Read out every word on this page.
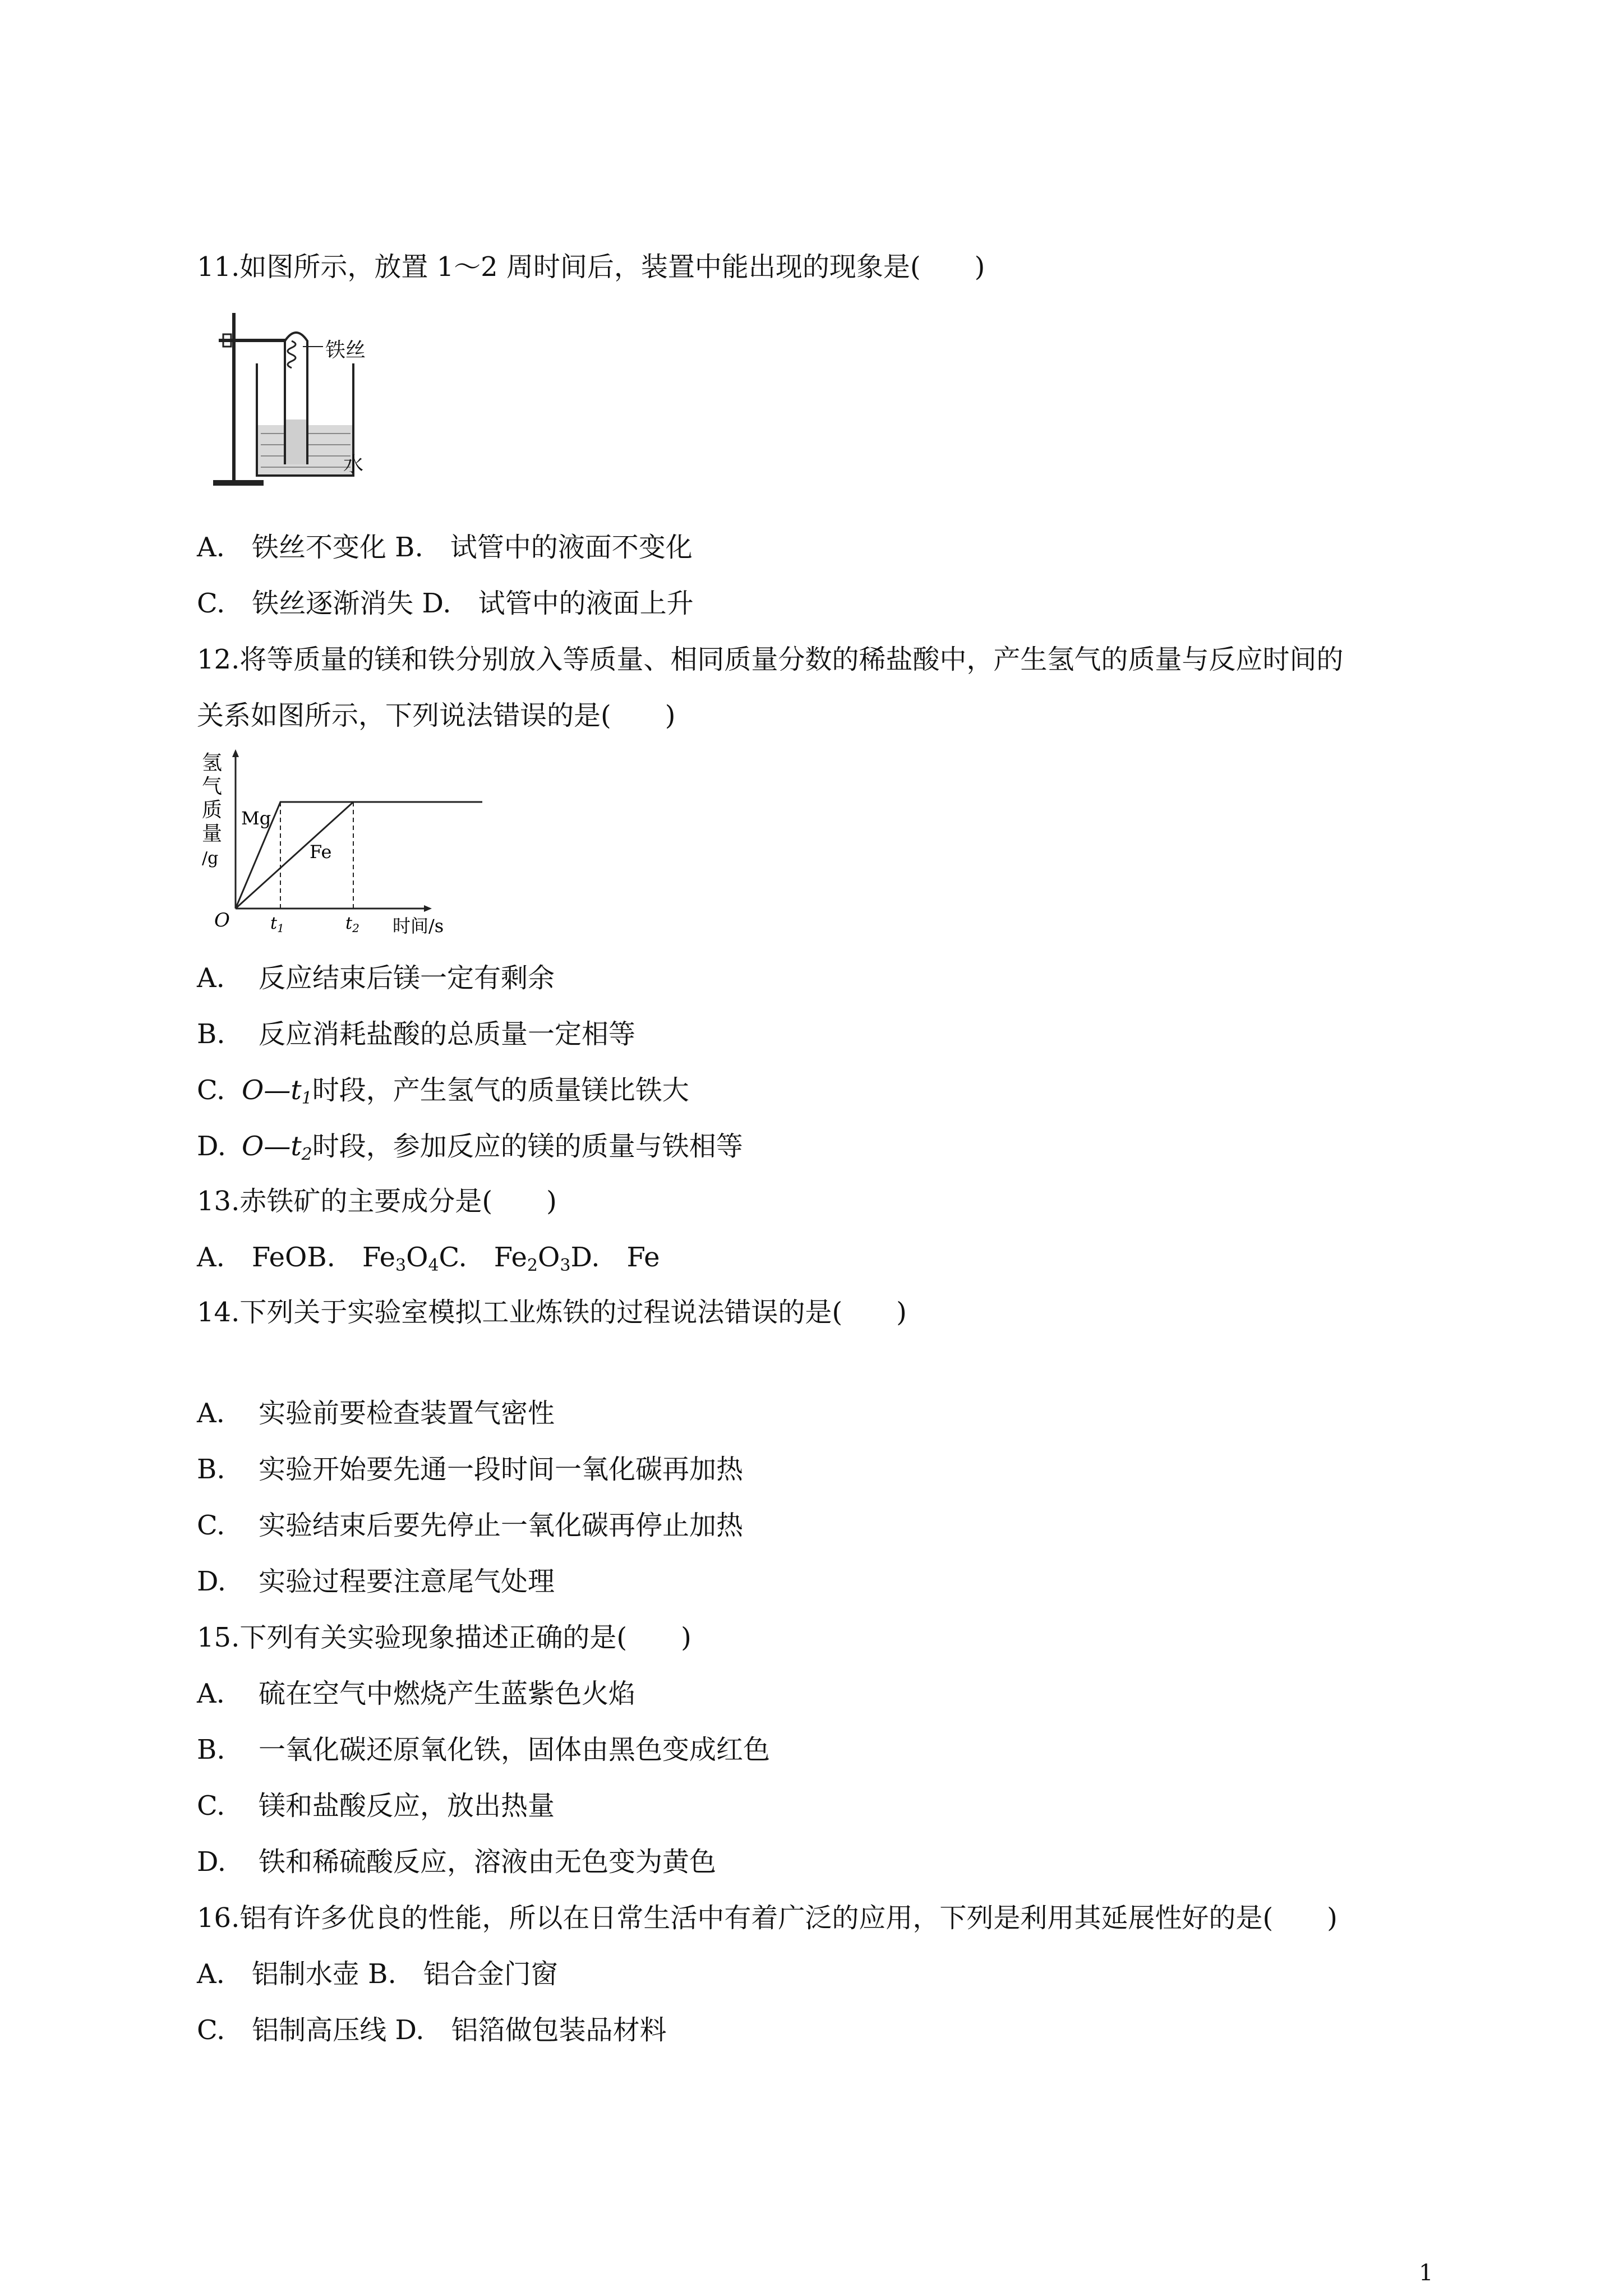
11.如图所示，放置 1～2 周时间后，装置中能出现的现象是(　　)
铁丝
水
A.　铁丝不变化 B.　试管中的液面不变化
C.　铁丝逐渐消失 D.　试管中的液面上升
12.将等质量的镁和铁分别放入等质量、相同质量分数的稀盐酸中，产生氢气的质量与反应时间的
关系如图所示，下列说法错误的是(　　)
氢
气
质
量
/g
O $t_1$	$t_2$ 时间/s
Mg
Fe
A. 反应结束后镁一定有剩余
B. 反应消耗盐酸的总质量一定相等
C. $O—t_1$时段，产生氢气的质量镁比铁大
D. $O—t_2$时段，参加反应的镁的质量与铁相等
13.赤铁矿的主要成分是(　　)
A.　FeOB.　$Fe_3O_4C$.　$Fe_2O_3D$.　Fe
14.下列关于实验室模拟工业炼铁的过程说法错误的是(　　)
A. 实验前要检查装置气密性
B. 实验开始要先通一段时间一氧化碳再加热
C. 实验结束后要先停止一氧化碳再停止加热
D. 实验过程要注意尾气处理
15.下列有关实验现象描述正确的是(　　)
A. 硫在空气中燃烧产生蓝紫色火焰
B. 一氧化碳还原氧化铁，固体由黑色变成红色
C. 镁和盐酸反应，放出热量
D. 铁和稀硫酸反应，溶液由无色变为黄色
16.铝有许多优良的性能，所以在日常生活中有着广泛的应用，下列是利用其延展性好的是(　　)
A.　铝制水壶 B.　铝合金门窗
C.　铝制高压线 D.　铝箔做包装品材料
1
